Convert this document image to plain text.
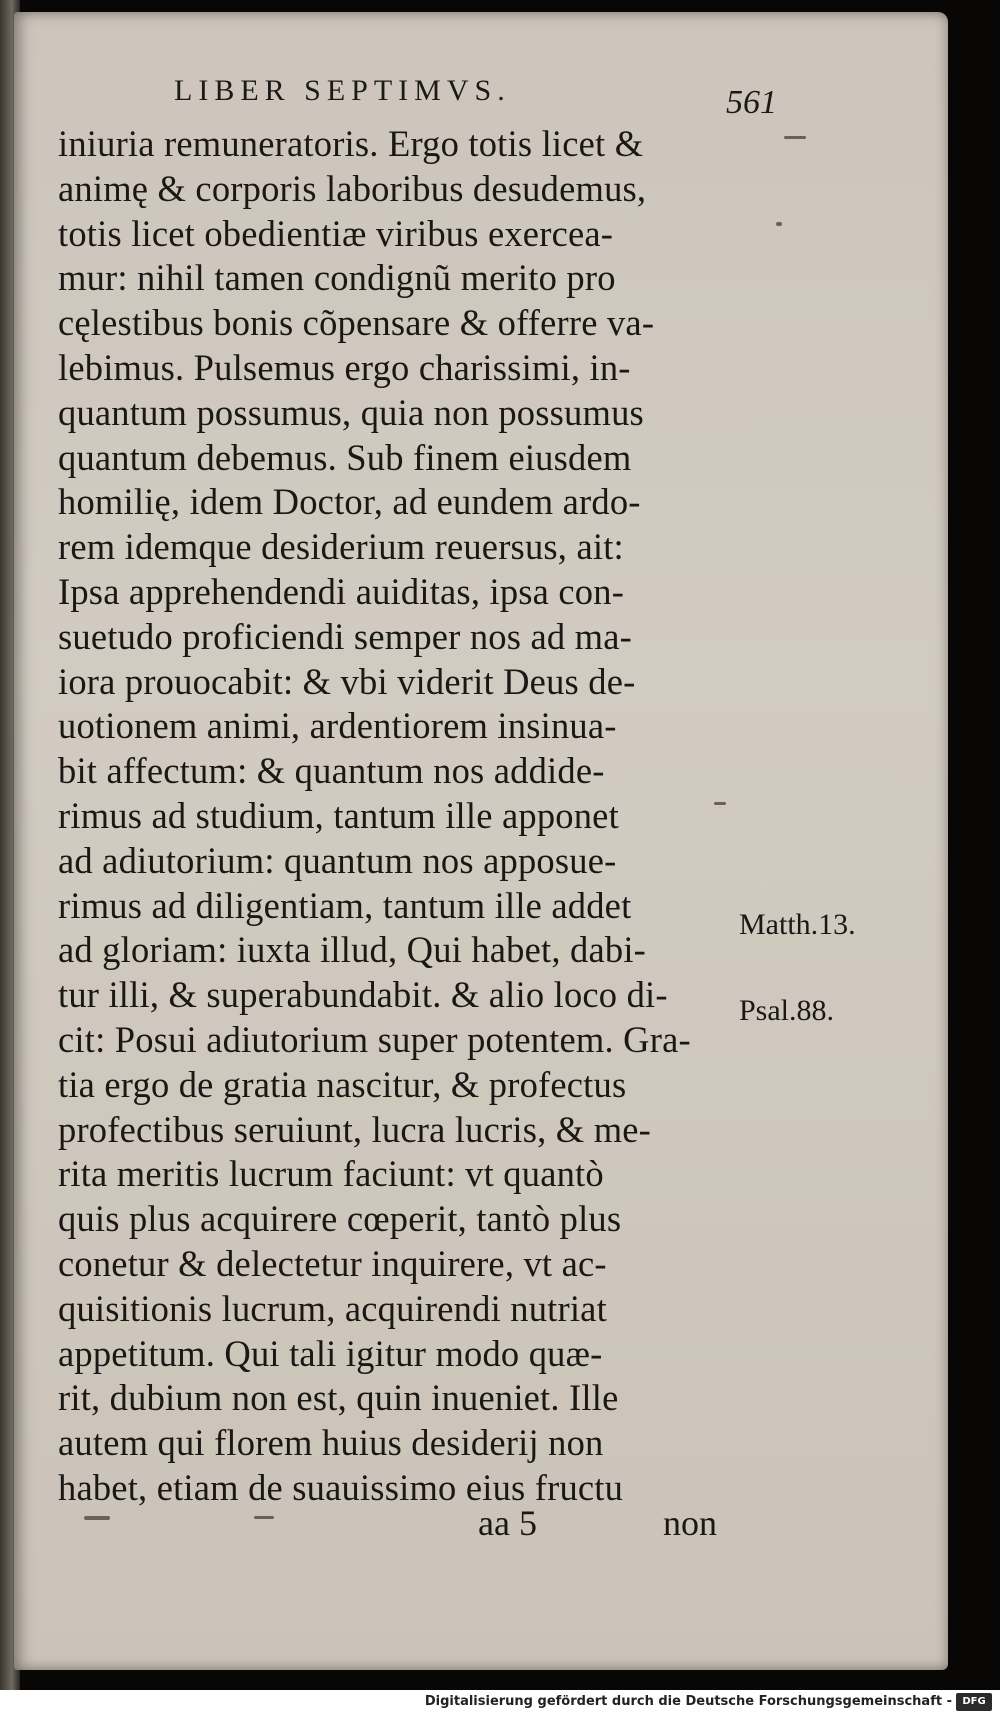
LIBER SEPTIMVS.	561
iniuria remuneratoris. Ergo totis licet &
animę & corporis laboribus desudemus,
totis licet obedientiæ viribus exercea-
mur: nihil tamen condignũ merito pro
cęlestibus bonis cõpensare & offerre va-
lebimus. Pulsemus ergo charissimi, in-
quantum possumus, quia non possumus
quantum debemus. Sub finem eiusdem
homilię, idem Doctor, ad eundem ardo-
rem idemque desiderium reuersus, ait:
Ipsa apprehendendi auiditas, ipsa con-
suetudo proficiendi semper nos ad ma-
iora prouocabit: & vbi viderit Deus de-
uotionem animi, ardentiorem insinua-
bit affectum: & quantum nos addide-
rimus ad studium, tantum ille apponet
ad adiutorium: quantum nos apposue-
rimus ad diligentiam, tantum ille addet
ad gloriam: iuxta illud, Qui habet, dabi-
tur illi, & superabundabit. & alio loco di-
cit: Posui adiutorium super potentem. Gra-
tia ergo de gratia nascitur, & profectus
profectibus seruiunt, lucra lucris, & me-
rita meritis lucrum faciunt: vt quantò
quis plus acquirere cœperit, tantò plus
conetur & delectetur inquirere, vt ac-
quisitionis lucrum, acquirendi nutriat
appetitum. Qui tali igitur modo quæ-
rit, dubium non est, quin inueniet. Ille
autem qui florem huius desiderij non
habet, etiam de suauissimo eius fructu
Matth.13.
Psal.88.
aa 5	non
Digitalisierung gefördert durch die Deutsche Forschungsgemeinschaft -	DFG
